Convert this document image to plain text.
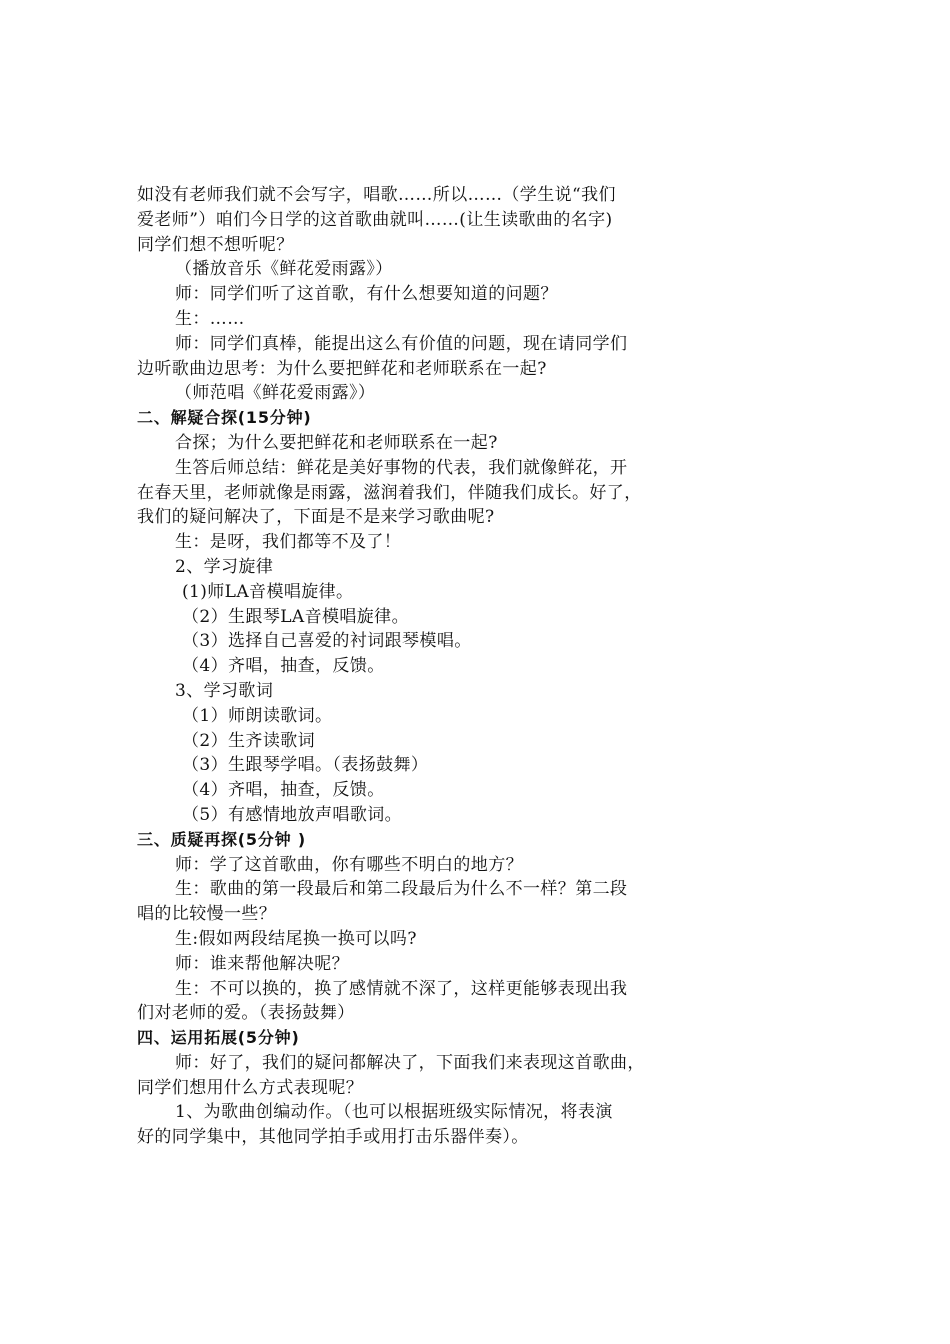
如没有老师我们就不会写字，唱歌……所以……（学生说“我们
爱老师”）咱们今日学的这首歌曲就叫……(让生读歌曲的名字)
同学们想不想听呢？
（播放音乐《鲜花爱雨露》）
师：同学们听了这首歌，有什么想要知道的问题？
生：……
师：同学们真棒，能提出这么有价值的问题，现在请同学们
边听歌曲边思考：为什么要把鲜花和老师联系在一起?
（师范唱《鲜花爱雨露》）
二、解疑合探(15分钟)
合探；为什么要把鲜花和老师联系在一起?
生答后师总结：鲜花是美好事物的代表，我们就像鲜花，开
在春天里，老师就像是雨露，滋润着我们，伴随我们成长。好了，
我们的疑问解决了，下面是不是来学习歌曲呢?
生：是呀，我们都等不及了！
2、学习旋律
(1)师LA音模唱旋律。
（2）生跟琴LA音模唱旋律。
（3）选择自己喜爱的衬词跟琴模唱。
（4）齐唱，抽查，反馈。
3、学习歌词
（1）师朗读歌词。
（2）生齐读歌词
（3）生跟琴学唱。（表扬鼓舞）
（4）齐唱，抽查，反馈。
（5）有感情地放声唱歌词。
三、质疑再探(5分钟 )
师：学了这首歌曲，你有哪些不明白的地方？
生：歌曲的第一段最后和第二段最后为什么不一样？第二段
唱的比较慢一些？
生:假如两段结尾换一换可以吗?
师：谁来帮他解决呢？
生：不可以换的，换了感情就不深了，这样更能够表现出我
们对老师的爱。（表扬鼓舞）
四、运用拓展(5分钟)
师：好了，我们的疑问都解决了，下面我们来表现这首歌曲，
同学们想用什么方式表现呢？
1、为歌曲创编动作。（也可以根据班级实际情况，将表演
好的同学集中，其他同学拍手或用打击乐器伴奏）。
